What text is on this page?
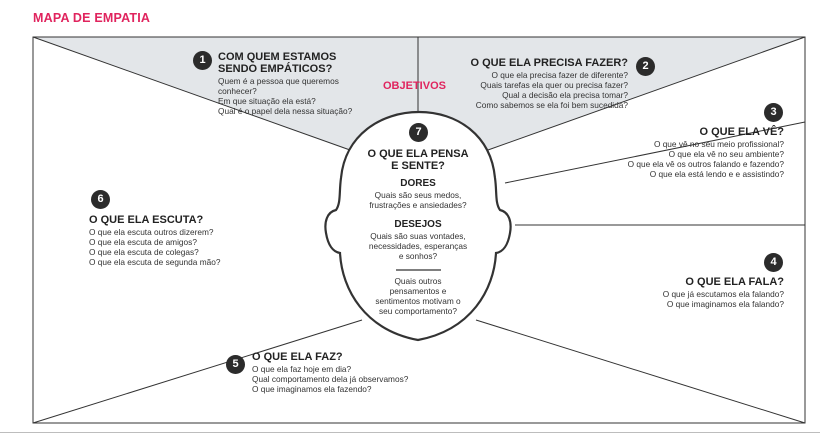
MAPA DE EMPATIA
OBJETIVOS
1	COM QUEM ESTAMOS
SENDO EMPÁTICOS?
Quem é a pessoa que queremos
conhecer?
Em que situação ela está?
Qual é o papel dela nessa situação?
2
O QUE ELA PRECISA FAZER?
O que ela precisa fazer de diferente?
Quais tarefas ela quer ou precisa fazer?
Qual a decisão ela precisa tomar?
Como sabemos se ela foi bem sucedida?
3
O QUE ELA VÊ?
O que vê no seu meio profissional?
O que ela vê no seu ambiente?
O que ela vê os outros falando e fazendo?
O que ela está lendo e e assistindo?
4
O QUE ELA FALA?
O que já escutamos ela falando?
O que imaginamos ela falando?
5
O QUE ELA FAZ?
O que ela faz hoje em dia?
Qual comportamento dela já observamos?
O que imaginamos ela fazendo?
6
O QUE ELA ESCUTA?
O que ela escuta outros dizerem?
O que ela escuta de amigos?
O que ela escuta de colegas?
O que ela escuta de segunda mão?
7
O QUE ELA PENSA
E SENTE?
DORES
Quais são seus medos,
frustrações e ansiedades?
DESEJOS
Quais são suas vontades,
necessidades, esperanças
e sonhos?
Quais outros
pensamentos e
sentimentos motivam o
seu comportamento?
